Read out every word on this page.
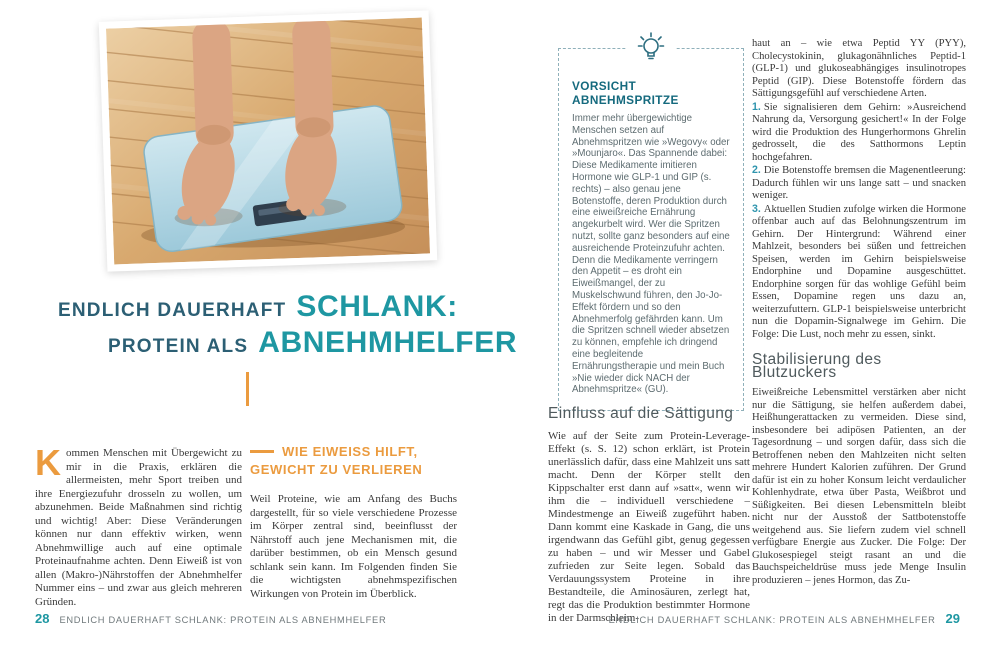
ENDLICH DAUERHAFT SCHLANK:
PROTEIN ALS ABNEHMHELFER

Kommen Menschen mit Übergewicht zu mir in die Praxis, erklären die allermeisten, mehr Sport treiben und ihre Energiezufuhr drosseln zu wollen, um abzunehmen. Beide Maßnahmen sind richtig und wichtig! Aber: Diese Veränderungen können nur dann effektiv wirken, wenn Abnehmwillige auch auf eine optimale Proteinaufnahme achten. Denn Eiweiß ist von allen (Makro-)Nährstoffen der Abnehmhelfer Nummer eins – und zwar aus gleich mehreren Gründen.

WIE EIWEISS HILFT,
GEWICHT ZU VERLIEREN
Weil Proteine, wie am Anfang des Buchs dargestellt, für so viele verschiedene Prozesse im Körper zentral sind, beeinflusst der Nährstoff auch jene Mechanismen mit, die darüber bestimmen, ob ein Mensch gesund schlank sein kann. Im Folgenden finden Sie die wichtigsten abnehmspezifischen Wirkungen von Protein im Überblick.
28 ENDLICH DAUERHAFT SCHLANK: PROTEIN ALS ABNEHMHELFER
VORSICHT ABNEHMSPRITZE

Immer mehr übergewichtige Menschen setzen auf Abnehmspritzen wie »Wegovy« oder »Mounjaro«. Das Spannende dabei: Diese Medikamente imitieren Hormone wie GLP-1 und GIP (s. rechts) – also genau jene Botenstoffe, deren Produktion durch eine eiweißreiche Ernährung angekurbelt wird. Wer die Spritzen nutzt, sollte ganz besonders auf eine ausreichende Proteinzufuhr achten. Denn die Medikamente verringern den Appetit – es droht ein Eiweißmangel, der zu Muskelschwund führen, den Jo-Jo-Effekt fördern und so den Abnehmerfolg gefährden kann. Um die Spritzen schnell wieder absetzen zu können, empfehle ich dringend eine begleitende Ernährungstherapie und mein Buch »Nie wieder dick NACH der Abnehmspritze« (GU).

Einfluss auf die Sättigung
Wie auf der Seite zum Protein-Leverage-Effekt (s. S. 12) schon erklärt, ist Protein unerlässlich dafür, dass eine Mahlzeit uns satt macht. Denn der Körper stellt den Kippschalter erst dann auf »satt«, wenn wir ihm die – individuell verschiedene – Mindestmenge an Eiweiß zugeführt haben. Dann kommt eine Kaskade in Gang, die uns irgendwann das Gefühl gibt, genug gegessen zu haben – und wir Messer und Gabel zufrieden zur Seite legen. Sobald das Verdauungssystem Proteine in ihre Bestandteile, die Aminosäuren, zerlegt hat, regt das die Produktion bestimmter Hormone in der Darmschleim-

haut an – wie etwa Peptid YY (PYY), Cholecystokinin, glukagonähnliches Peptid-1 (GLP-1) und glukoseabhängiges insulinotropes Peptid (GIP). Diese Botenstoffe fördern das Sättigungsgefühl auf verschiedene Arten.

1. Sie signalisieren dem Gehirn: »Ausreichend Nahrung da, Versorgung gesichert!« In der Folge wird die Produktion des Hungerhormons Ghrelin gedrosselt, die des Satthormons Leptin hochgefahren.

2. Die Botenstoffe bremsen die Magenentleerung: Dadurch fühlen wir uns lange satt – und snacken weniger.

3. Aktuellen Studien zufolge wirken die Hormone offenbar auch auf das Belohnungszentrum im Gehirn. Der Hintergrund: Während einer Mahlzeit, besonders bei süßen und fettreichen Speisen, werden im Gehirn beispielsweise Endorphine und Dopamine ausgeschüttet. Endorphine sorgen für das wohlige Gefühl beim Essen, Dopamine regen uns dazu an, weiterzufuttern. GLP-1 beispielsweise unterbricht nun die Dopamin-Signalwege im Gehirn. Die Folge: Die Lust, noch mehr zu essen, sinkt.

Stabilisierung des Blutzuckers

Eiweißreiche Lebensmittel verstärken aber nicht nur die Sättigung, sie helfen außerdem dabei, Heißhungerattacken zu vermeiden. Diese sind, insbesondere bei adipösen Patienten, an der Tagesordnung – und sorgen dafür, dass sich die Betroffenen neben den Mahlzeiten nicht selten mehrere Hundert Kalorien zuführen. Der Grund dafür ist ein zu hoher Konsum leicht verdaulicher Kohlenhydrate, etwa über Pasta, Weißbrot und Süßigkeiten. Bei diesen Lebensmitteln bleibt nicht nur der Ausstoß der Sattbotenstoffe weitgehend aus. Sie liefern zudem viel schnell verfügbare Energie aus Zucker. Die Folge: Der Glukosespiegel steigt rasant an und die Bauchspeicheldrüse muss jede Menge Insulin produzieren – jenes Hormon, das Zu-

ENDLICH DAUERHAFT SCHLANK: PROTEIN ALS ABNEHMHELFER 29
